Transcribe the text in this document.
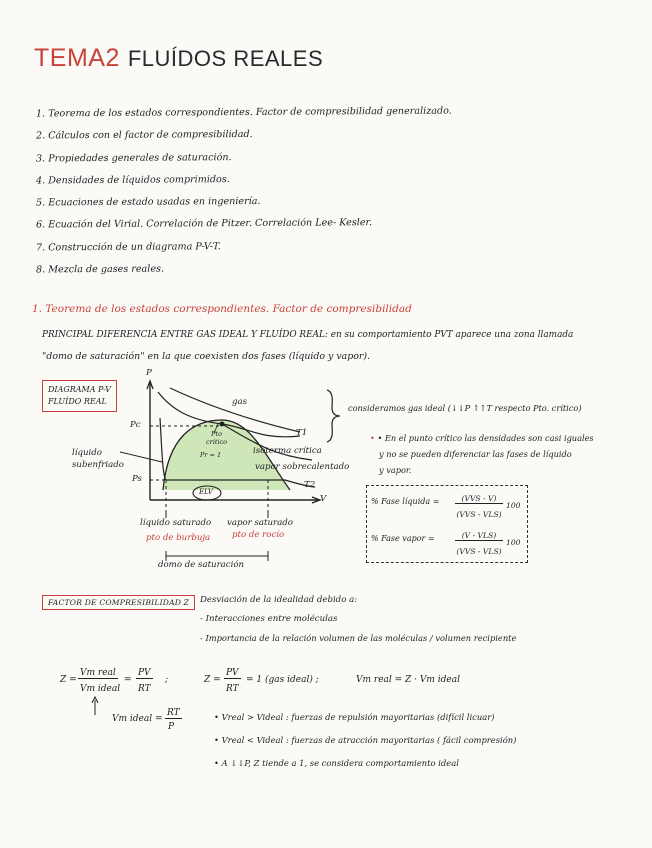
TEMA2 FLUÍDOS REALES
1. Teorema de los estados correspondientes. Factor de compresibilidad generalizado.
2. Cálculos con el factor de compresibilidad.
3. Propiedades generales de saturación.
4. Densidades de líquidos comprimidos.
5. Ecuaciones de estado usadas en ingeniería.
6. Ecuación del Virial. Correlación de Pitzer. Correlación Lee- Kesler.
7. Construcción de un diagrama P-V-T.
8. Mezcla de gases reales.
1. Teorema de los estados correspondientes. Factor de compresibilidad
PRINCIPAL DIFERENCIA ENTRE GAS IDEAL Y FLUÍDO REAL: en su comportamiento PVT aparece una zona llamada
"domo de saturación" en la que coexisten dos fases (líquido y vapor).
DIAGRAMA P-V
FLUÍDO REAL
P
V
Pc
Ps
T1
T2
gas
Pto
crítico
Pr = 1
ELV
líquido
subenfriado
isoterma crítica
vapor sobrecalentado
líquido saturado vapor saturado
pto de burbuja	pto de rocío
domo de saturación
consideramos gas ideal (↓↓P ↑↑T respecto Pto. crítico)
• • En el punto crítico las densidades son casi iguales
y no se pueden diferenciar las fases de líquido
y vapor.
% Fase líquida =	(VVS - V)
(VVS - VLS)
100
% Fase vapor =	(V - VLS)
(VVS - VLS)
100
FACTOR DE COMPRESIBILIDAD Z	Desviación de la idealidad debido a:
- Interacciones entre moléculas
- Importancia de la relación volumen de las moléculas / volumen recipiente
Z =
Vm real
Vm ideal
=
PV
RT
;	Z =
PV
RT
= 1 (gas ideal) ;	Vm real = Z · Vm ideal
Vm ideal =
RT
P
• Vreal > Videal : fuerzas de repulsión mayoritarias (difícil licuar)
• Vreal < Videal : fuerzas de atracción mayoritarias ( fácil compresión)
• A ↓↓P, Z tiende a 1, se considera comportamiento ideal
